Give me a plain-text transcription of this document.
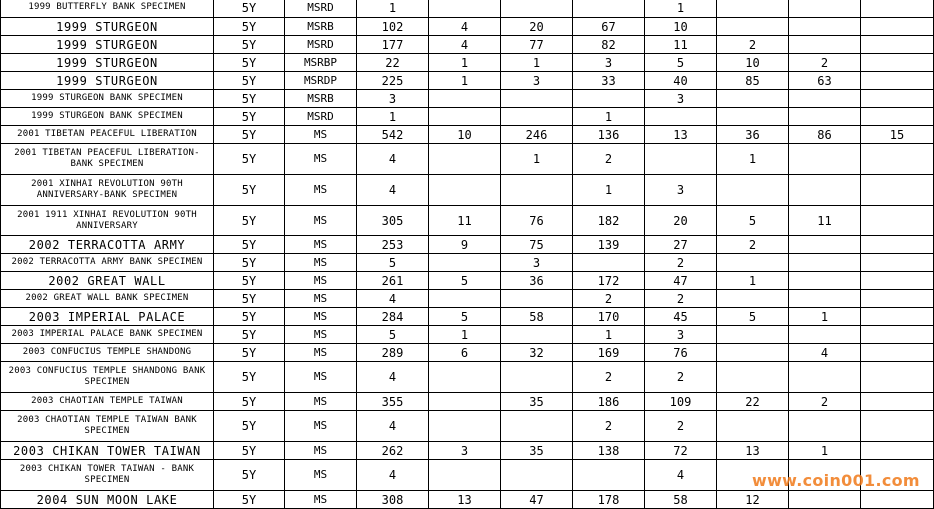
1999 BUTTERFLY BANK SPECIMEN	5Y	MSRD	1				1			
1999 STURGEON	5Y	MSRB	102	4	20	67	10			
1999 STURGEON	5Y	MSRD	177	4	77	82	11	2		
1999 STURGEON	5Y	MSRBP	22	1	1	3	5	10	2	
1999 STURGEON	5Y	MSRDP	225	1	3	33	40	85	63	
1999 STURGEON BANK SPECIMEN	5Y	MSRB	3				3			
1999 STURGEON BANK SPECIMEN	5Y	MSRD	1			1				
2001 TIBETAN PEACEFUL LIBERATION	5Y	MS	542	10	246	136	13	36	86	15
2001 TIBETAN PEACEFUL LIBERATION-BANK SPECIMEN	5Y	MS	4		1	2		1		
2001 XINHAI REVOLUTION 90TH ANNIVERSARY-BANK SPECIMEN	5Y	MS	4			1	3			
2001 1911 XINHAI REVOLUTION 90TH ANNIVERSARY	5Y	MS	305	11	76	182	20	5	11	
2002 TERRACOTTA ARMY	5Y	MS	253	9	75	139	27	2		
2002 TERRACOTTA ARMY BANK SPECIMEN	5Y	MS	5		3		2			
2002 GREAT WALL	5Y	MS	261	5	36	172	47	1		
2002 GREAT WALL BANK SPECIMEN	5Y	MS	4			2	2			
2003 IMPERIAL PALACE	5Y	MS	284	5	58	170	45	5	1	
2003 IMPERIAL PALACE BANK SPECIMEN	5Y	MS	5	1		1	3			
2003 CONFUCIUS TEMPLE SHANDONG	5Y	MS	289	6	32	169	76		4	
2003 CONFUCIUS TEMPLE SHANDONG BANK SPECIMEN	5Y	MS	4			2	2			
2003 CHAOTIAN TEMPLE TAIWAN	5Y	MS	355		35	186	109	22	2	
2003 CHAOTIAN TEMPLE TAIWAN BANK SPECIMEN	5Y	MS	4			2	2			
2003 CHIKAN TOWER TAIWAN	5Y	MS	262	3	35	138	72	13	1	
2003 CHIKAN TOWER TAIWAN - BANK SPECIMEN	5Y	MS	4				4			
2004 SUN MOON LAKE	5Y	MS	308	13	47	178	58	12		
www.coin001.com
